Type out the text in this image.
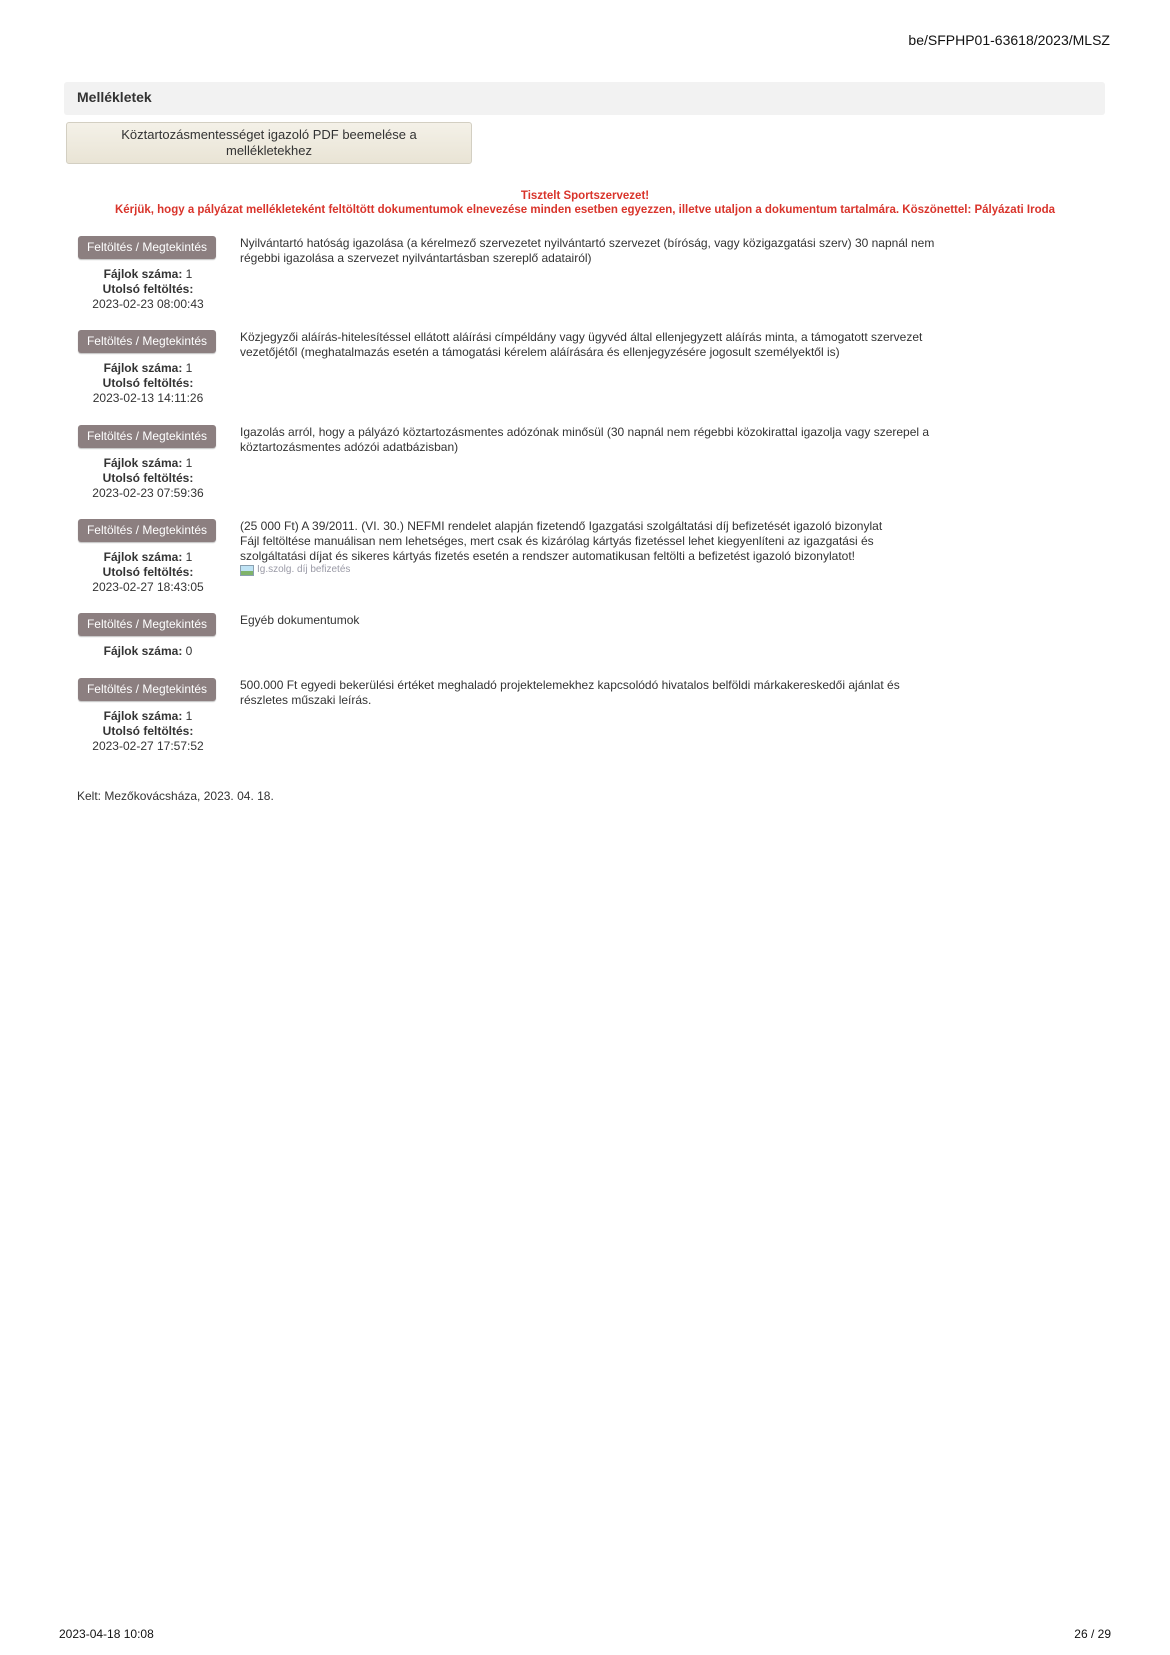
be/SFPHP01-63618/2023/MLSZ
Mellékletek
Köztartozásmentességet igazoló PDF beemelése a mellékletekhez
Tisztelt Sportszervezet!
Kérjük, hogy a pályázat mellékleteként feltöltött dokumentumok elnevezése minden esetben egyezzen, illetve utaljon a dokumentum tartalmára. Köszönettel: Pályázati Iroda
Feltöltés / Megtekintés
Fájlok száma: 1
Utolsó feltöltés:
2023-02-23 08:00:43

Nyilvántartó hatóság igazolása (a kérelmező szervezetet nyilvántartó szervezet (bíróság, vagy közigazgatási szerv) 30 napnál nem régebbi igazolása a szervezet nyilvántartásban szereplő adatairól)

Feltöltés / Megtekintés
Fájlok száma: 1
Utolsó feltöltés:
2023-02-13 14:11:26

Közjegyzői aláírás-hitelesítéssel ellátott aláírási címpéldány vagy ügyvéd által ellenjegyzett aláírás minta, a támogatott szervezet vezetőjétől (meghatalmazás esetén a támogatási kérelem aláírására és ellenjegyzésére jogosult személyektől is)

Feltöltés / Megtekintés
Fájlok száma: 1
Utolsó feltöltés:
2023-02-23 07:59:36

Igazolás arról, hogy a pályázó köztartozásmentes adózónak minősül (30 napnál nem régebbi közokirattal igazolja vagy szerepel a köztartozásmentes adózói adatbázisban)

Feltöltés / Megtekintés
Fájlok száma: 1
Utolsó feltöltés:
2023-02-27 18:43:05

(25 000 Ft) A 39/2011. (VI. 30.) NEFMI rendelet alapján fizetendő Igazgatási szolgáltatási díj befizetését igazoló bizonylat

Fájl feltöltése manuálisan nem lehetséges, mert csak és kizárólag kártyás fizetéssel lehet kiegyenlíteni az igazgatási és szolgáltatási díjat és sikeres kártyás fizetés esetén a rendszer automatikusan feltölti a befizetést igazoló bizonylatot!

Ig.szolg. díj befizetés
Feltöltés / Megtekintés
Fájlok száma: 0

Egyéb dokumentumok

Feltöltés / Megtekintés
Fájlok száma: 1
Utolsó feltöltés:
2023-02-27 17:57:52

500.000 Ft egyedi bekerülési értéket meghaladó projektelemekhez kapcsolódó hivatalos belföldi márkakereskedői ajánlat és részletes műszaki leírás.

Kelt: Mezőkovácsháza, 2023. 04. 18.
2023-04-18 10:08	26 / 29
